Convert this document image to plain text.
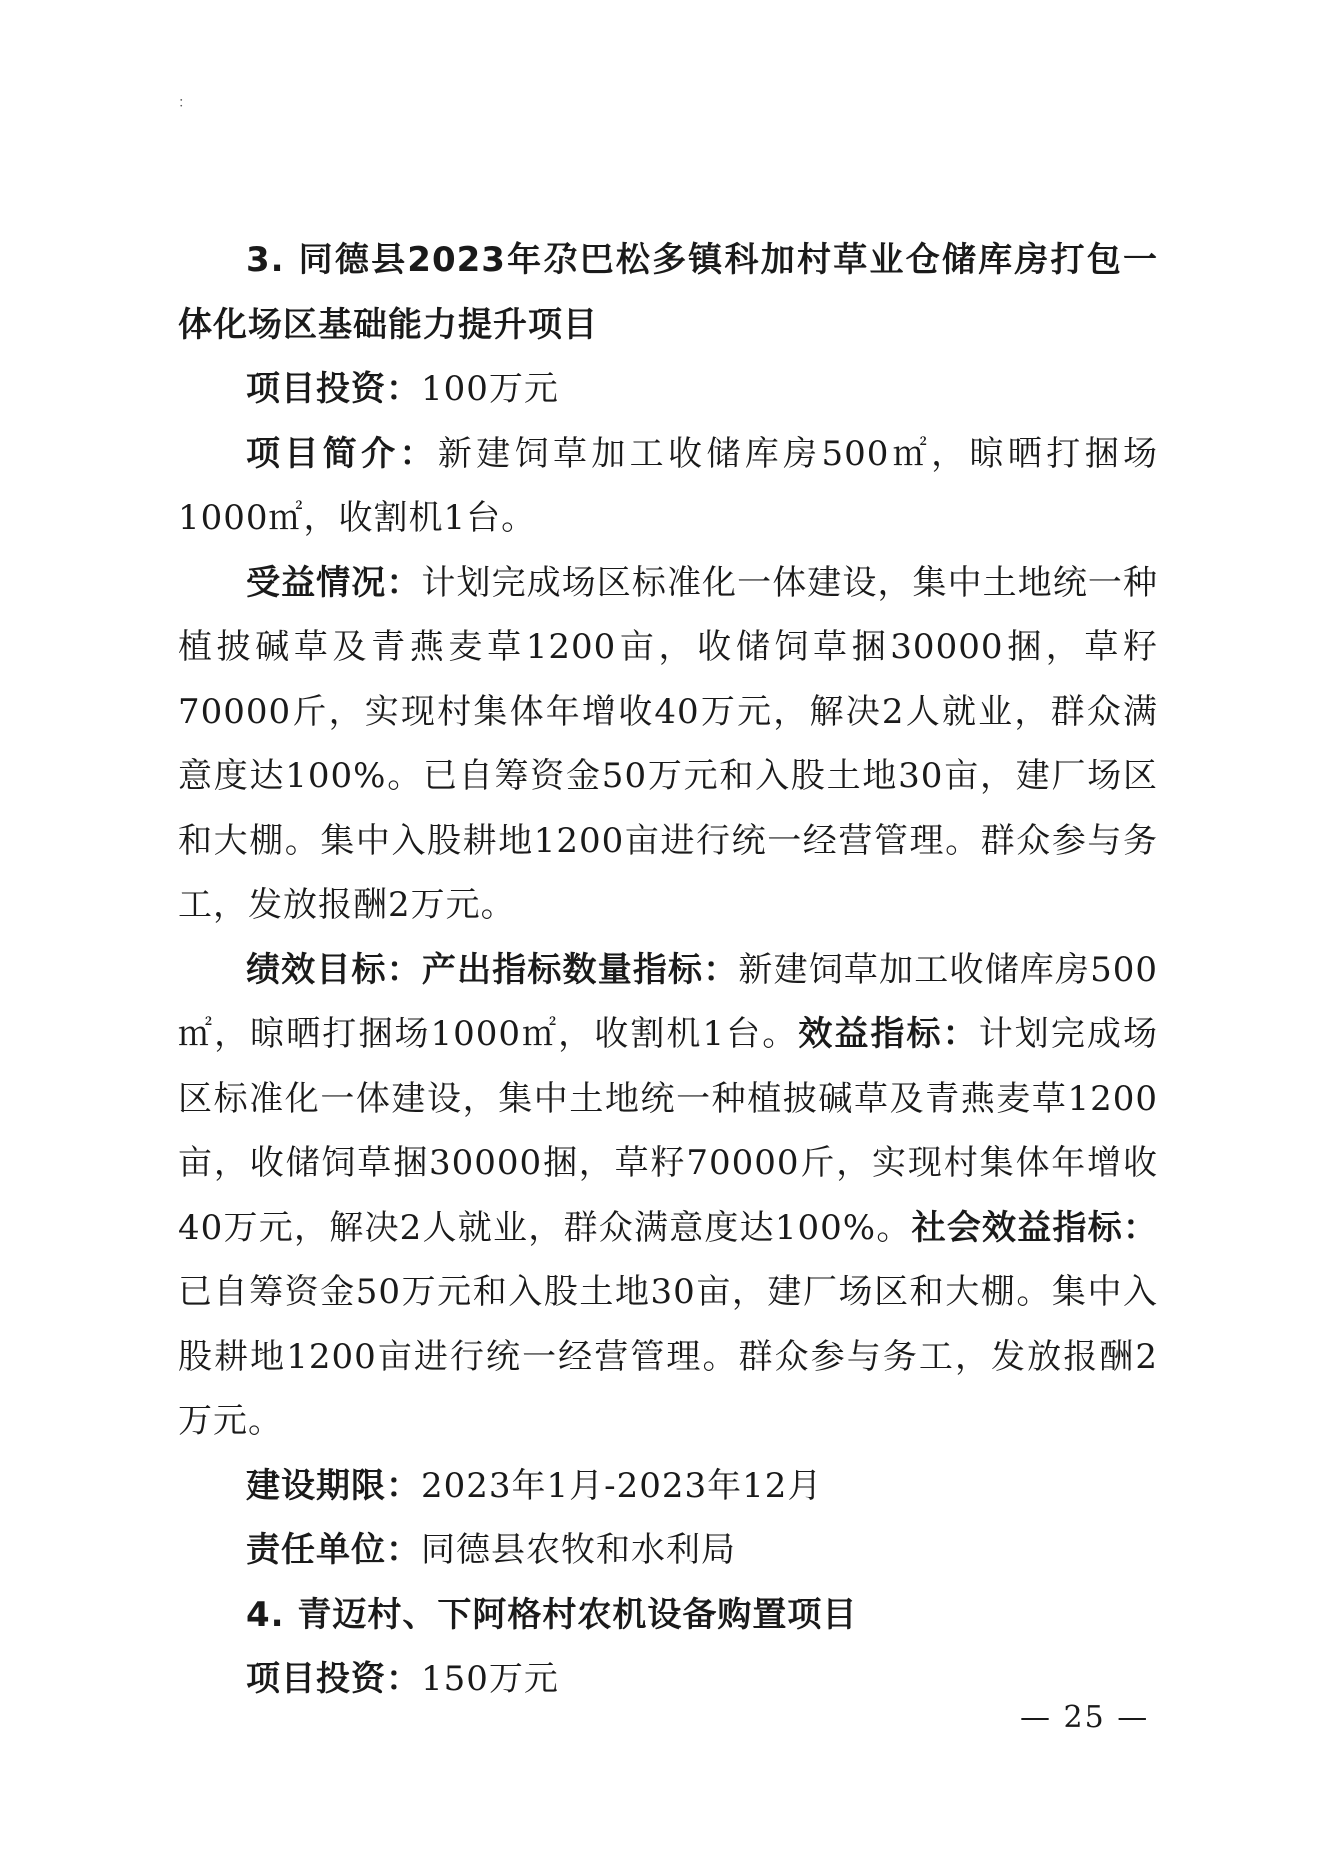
：

3. 同德县2023年尕巴松多镇科加村草业仓储库房打包一体化场区基础能力提升项目

项目投资：100万元

项目简介：新建饲草加工收储库房500㎡，晾晒打捆场1000㎡，收割机1台。

受益情况：计划完成场区标准化一体建设，集中土地统一种植披碱草及青燕麦草1200亩，收储饲草捆30000捆，草籽70000斤，实现村集体年增收40万元，解决2人就业，群众满意度达100%。已自筹资金50万元和入股土地30亩，建厂场区和大棚。集中入股耕地1200亩进行统一经营管理。群众参与务工，发放报酬2万元。

绩效目标：产出指标数量指标：新建饲草加工收储库房500㎡，晾晒打捆场1000㎡，收割机1台。效益指标：计划完成场区标准化一体建设，集中土地统一种植披碱草及青燕麦草1200亩，收储饲草捆30000捆，草籽70000斤，实现村集体年增收40万元，解决2人就业，群众满意度达100%。社会效益指标：已自筹资金50万元和入股土地30亩，建厂场区和大棚。集中入股耕地1200亩进行统一经营管理。群众参与务工，发放报酬2万元。

建设期限：2023年1月-2023年12月

责任单位：同德县农牧和水利局

4. 青迈村、下阿格村农机设备购置项目

项目投资：150万元

— 25 —
